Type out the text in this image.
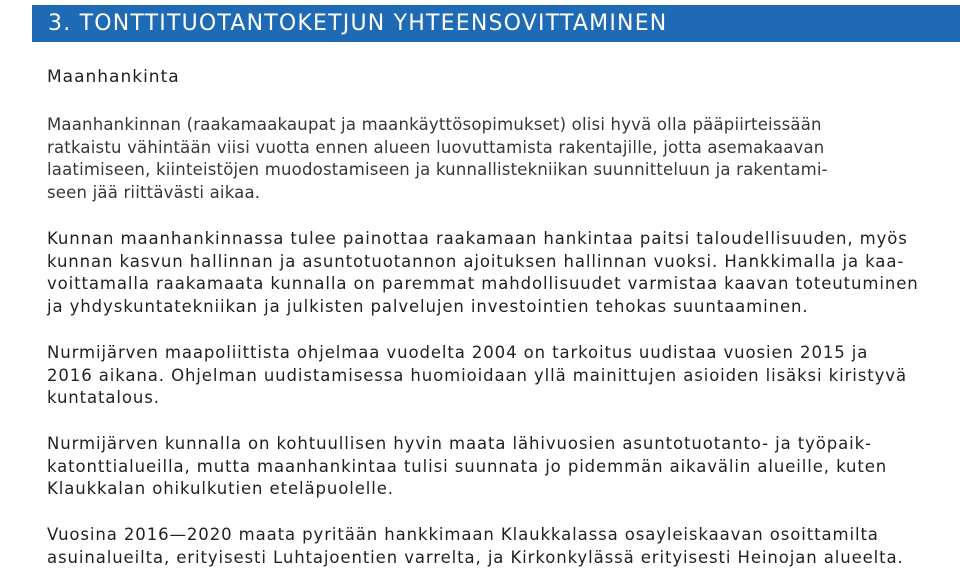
3. TONTTITUOTANTOKETJUN YHTEENSOVITTAMINEN
Maanhankinta
Maanhankinnan (raakamaakaupat ja maankäyttösopimukset) olisi hyvä olla pääpiirteissään
ratkaistu vähintään viisi vuotta ennen alueen luovuttamista rakentajille, jotta asemakaavan
laatimiseen, kiinteistöjen muodostamiseen ja kunnallistekniikan suunnitteluun ja rakentami-
seen jää riittävästi aikaa.
Kunnan maanhankinnassa tulee painottaa raakamaan hankintaa paitsi taloudellisuuden, myös
kunnan kasvun hallinnan ja asuntotuotannon ajoituksen hallinnan vuoksi. Hankkimalla ja kaa-
voittamalla raakamaata kunnalla on paremmat mahdollisuudet varmistaa kaavan toteutuminen
ja yhdyskuntatekniikan ja julkisten palvelujen investointien tehokas suuntaaminen.
Nurmijärven maapoliittista ohjelmaa vuodelta 2004 on tarkoitus uudistaa vuosien 2015 ja
2016 aikana. Ohjelman uudistamisessa huomioidaan yllä mainittujen asioiden lisäksi kiristyvä
kuntatalous.
Nurmijärven kunnalla on kohtuullisen hyvin maata lähivuosien asuntotuotanto- ja työpaik-
katonttialueilla, mutta maanhankintaa tulisi suunnata jo pidemmän aikavälin alueille, kuten
Klaukkalan ohikulkutien eteläpuolelle.
Vuosina 2016—2020 maata pyritään hankkimaan Klaukkalassa osayleiskaavan osoittamilta
asuinalueilta, erityisesti Luhtajoentien varrelta, ja Kirkonkylässä erityisesti Heinojan alueelta.
